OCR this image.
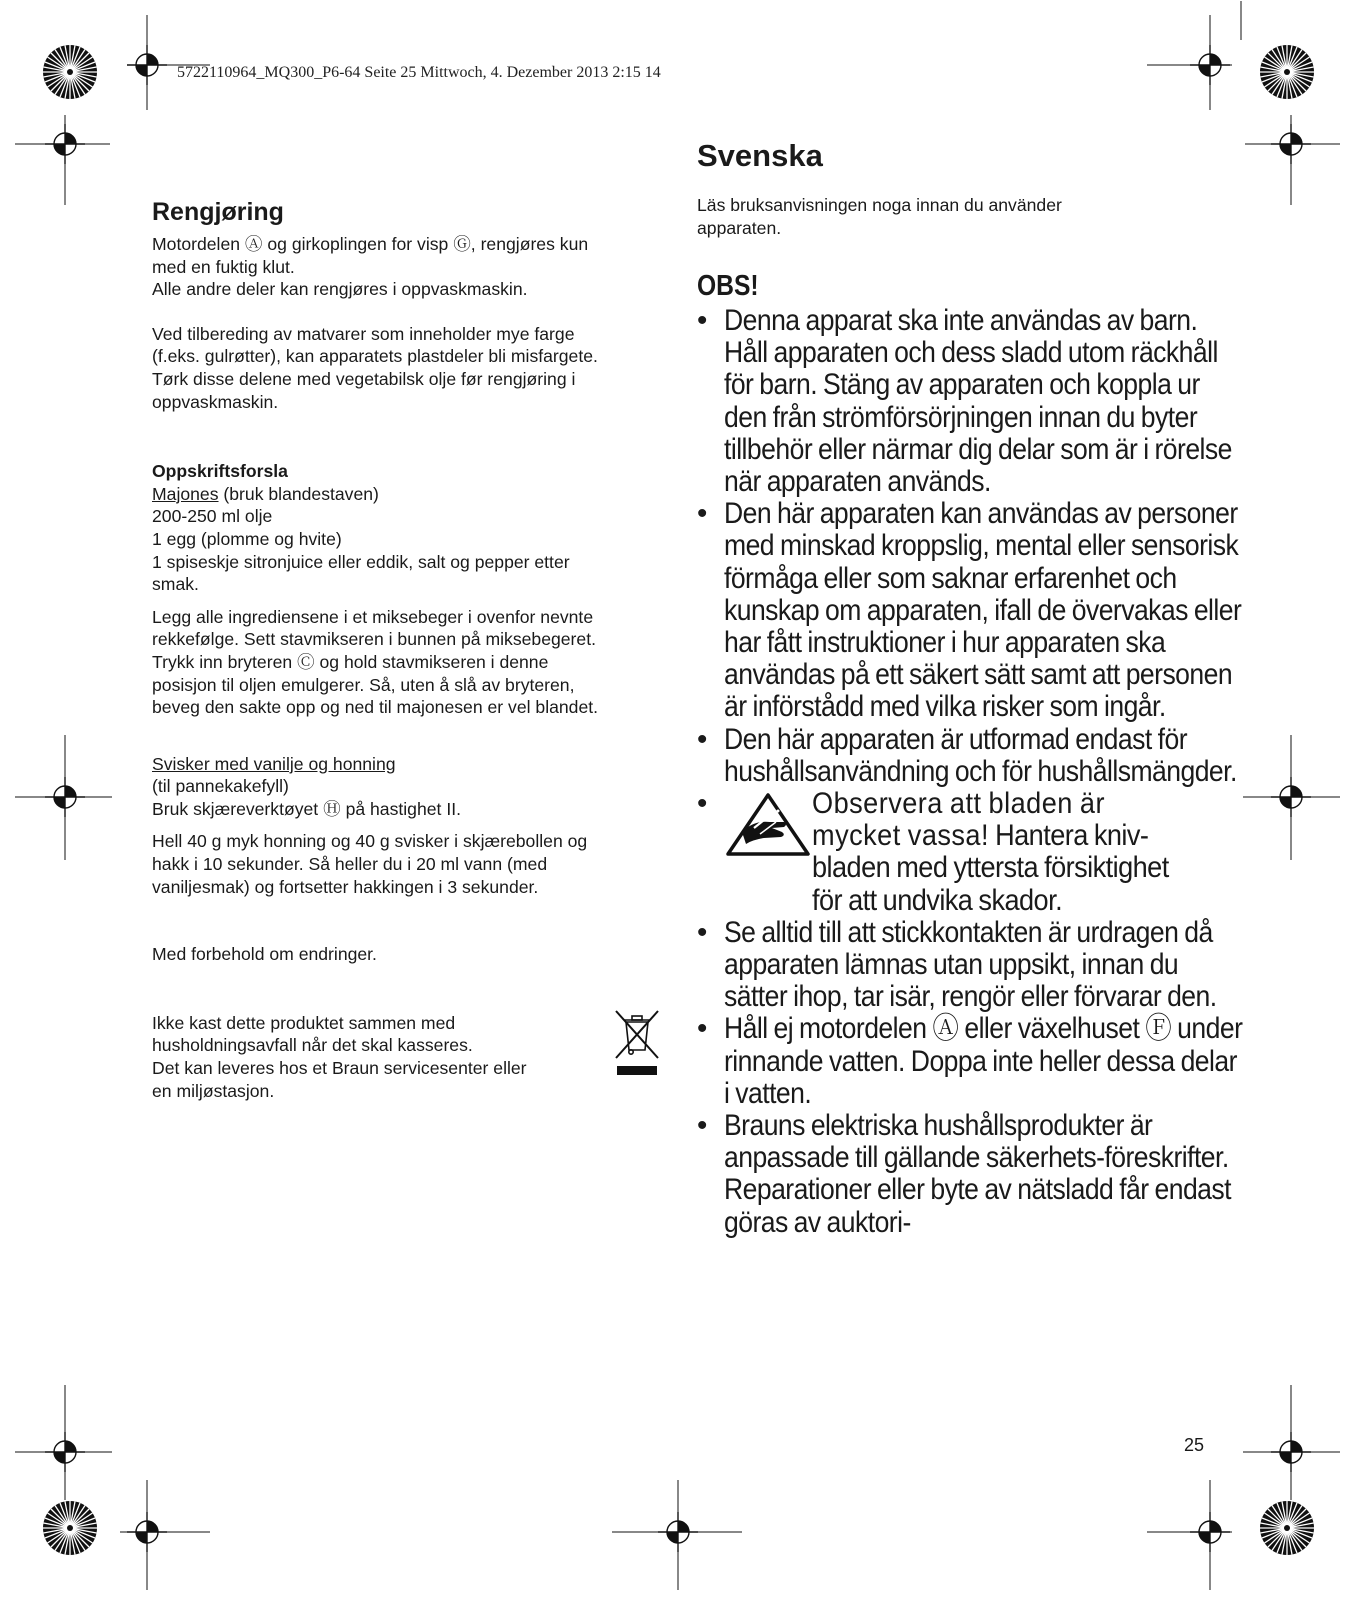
5722110964_MQ300_P6-64 Seite 25 Mittwoch, 4. Dezember 2013 2:15 14
Rengjøring
Motordelen Ⓐ og girkoplingen for visp Ⓖ, rengjøres kun
med en fuktig klut.
Alle andre deler kan rengjøres i oppvaskmaskin.
Ved tilbereding av matvarer som inneholder mye farge
(f.eks. gulrøtter), kan apparatets plastdeler bli misfargete.
Tørk disse delene med vegetabilsk olje før rengjøring i
oppvaskmaskin.
Oppskriftsforsla
Majones (bruk blandestaven)
200-250 ml olje
1 egg (plomme og hvite)
1 spiseskje sitronjuice eller eddik, salt og pepper etter
smak.
Legg alle ingrediensene i et miksebeger i ovenfor nevnte
rekkefølge. Sett stavmikseren i bunnen på miksebegeret.
Trykk inn bryteren Ⓒ og hold stavmikseren i denne
posisjon til oljen emulgerer. Så, uten å slå av bryteren,
beveg den sakte opp og ned til majonesen er vel blandet.
Svisker med vanilje og honning
(til pannekakefyll)
Bruk skjæreverktøyet Ⓗ på hastighet II.
Hell 40 g myk honning og 40 g svisker i skjærebollen og
hakk i 10 sekunder. Så heller du i 20 ml vann (med
vaniljesmak) og fortsetter hakkingen i 3 sekunder.
Med forbehold om endringer.
Ikke kast dette produktet sammen med
husholdningsavfall når det skal kasseres.
Det kan leveres hos et Braun servicesenter eller
en miljøstasjon.
Svenska
Läs bruksanvisningen noga innan du använder
apparaten.
OBS!
• Denna apparat ska inte användas av barn. Håll apparaten och dess sladd utom räckhåll för barn. Stäng av apparaten och koppla ur den från strömförsörjningen innan du byter tillbehör eller närmar dig delar som är i rörelse när apparaten används.
• Den här apparaten kan användas av personer med minskad kroppslig, mental eller sensorisk förmåga eller som saknar erfarenhet och kunskap om apparaten, ifall de övervakas eller har fått instruktioner i hur apparaten ska användas på ett säkert sätt samt att personen är införstådd med vilka risker som ingår.
• Den här apparaten är utformad endast för hushållsanvändning och för hushållsmängder.
•	Observera att bladen är mycket vassa! Hantera kniv-bladen med yttersta försiktighet för att undvika skador.
• Se alltid till att stickkontakten är urdragen då apparaten lämnas utan uppsikt, innan du sätter ihop, tar isär, rengör eller förvarar den.
• Håll ej motordelen Ⓐ eller växelhuset Ⓕ under rinnande vatten. Doppa inte heller dessa delar i vatten.
• Brauns elektriska hushållsprodukter är anpassade till gällande säkerhets-föreskrifter. Reparationer eller byte av nätsladd får endast göras av auktori-
25
